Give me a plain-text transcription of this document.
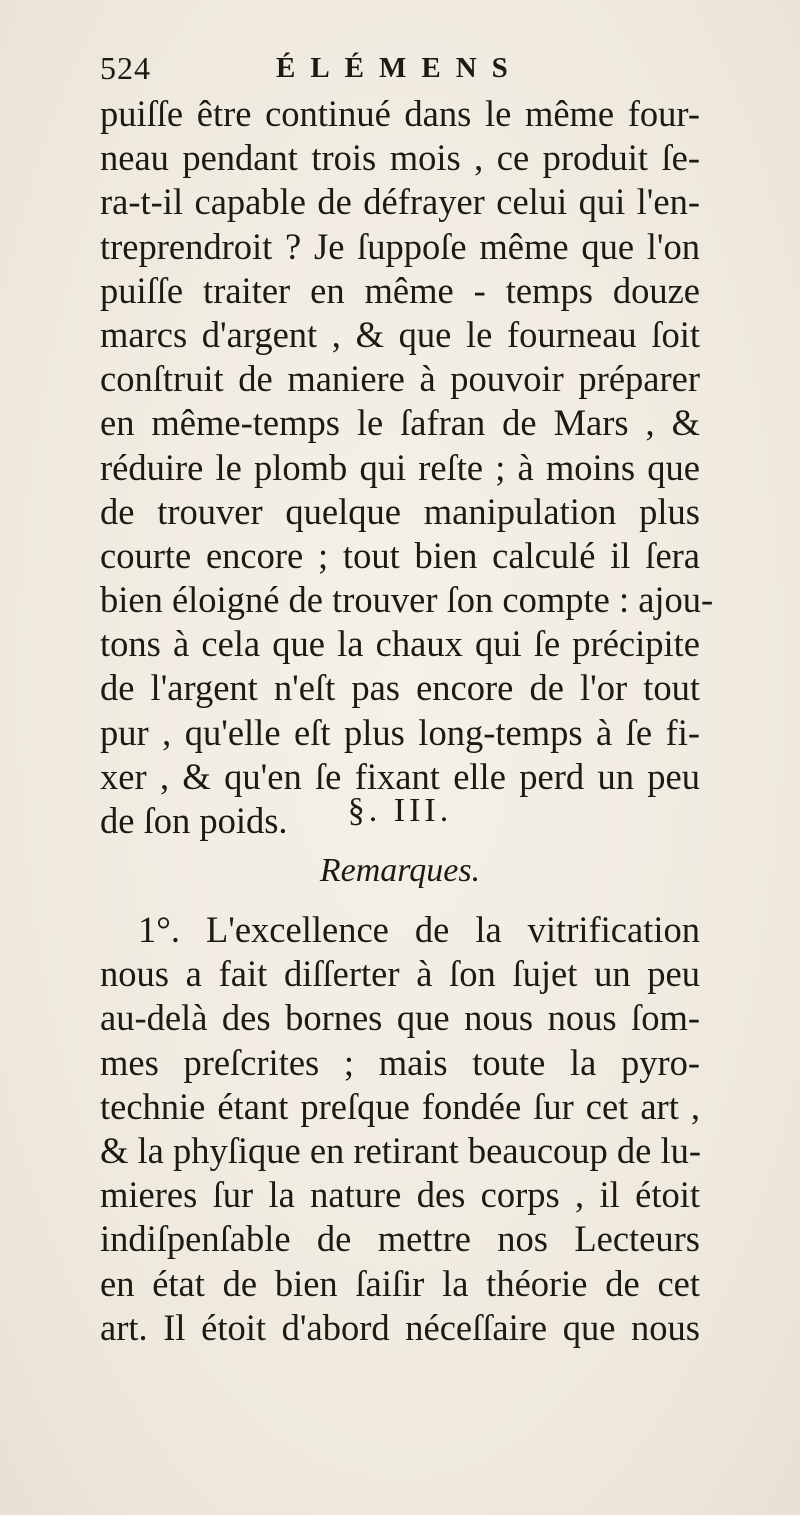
524	ÉLÉMENS
puiſſe être continué dans le même four-
neau pendant trois mois , ce produit ſe-
ra-t-il capable de défrayer celui qui l'en-
treprendroit ? Je ſuppoſe même que l'on
puiſſe traiter en même - temps douze
marcs d'argent , & que le fourneau ſoit
conſtruit de maniere à pouvoir préparer
en même-temps le ſafran de Mars , &
réduire le plomb qui reſte ; à moins que
de trouver quelque manipulation plus
courte encore ; tout bien calculé il ſera
bien éloigné de trouver ſon compte : ajou-
tons à cela que la chaux qui ſe précipite
de l'argent n'eſt pas encore de l'or tout
pur , qu'elle eſt plus long-temps à ſe fi-
xer , & qu'en ſe fixant elle perd un peu
de ſon poids.	§. III.
Remarques.
1°. L'excellence de la vitrification
nous a fait diſſerter à ſon ſujet un peu
au-delà des bornes que nous nous ſom-
mes preſcrites ; mais toute la pyro-
technie étant preſque fondée ſur cet art ,
& la phyſique en retirant beaucoup de lu-
mieres ſur la nature des corps , il étoit
indiſpenſable de mettre nos Lecteurs
en état de bien ſaiſir la théorie de cet
art. Il étoit d'abord néceſſaire que nous
